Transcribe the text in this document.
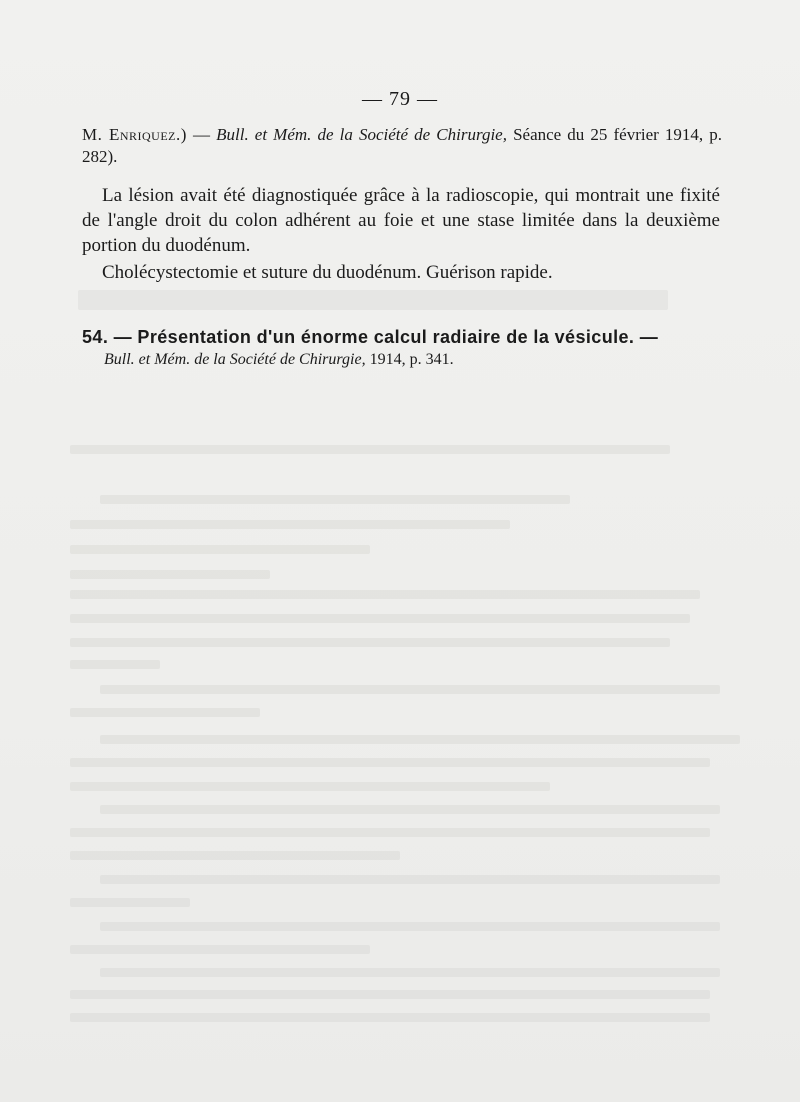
— 79 —
M. Enriquez.) — Bull. et Mém. de la Société de Chirurgie, Séance du 25 février 1914, p. 282).

La lésion avait été diagnostiquée grâce à la radioscopie, qui montrait une fixité de l'angle droit du colon adhérent au foie et une stase limitée dans la deuxième portion du duodénum.

Cholécystectomie et suture du duodénum. Guérison rapide.

54. — Présentation d'un énorme calcul radiaire de la vésicule. —
Bull. et Mém. de la Société de Chirurgie, 1914, p. 341.
